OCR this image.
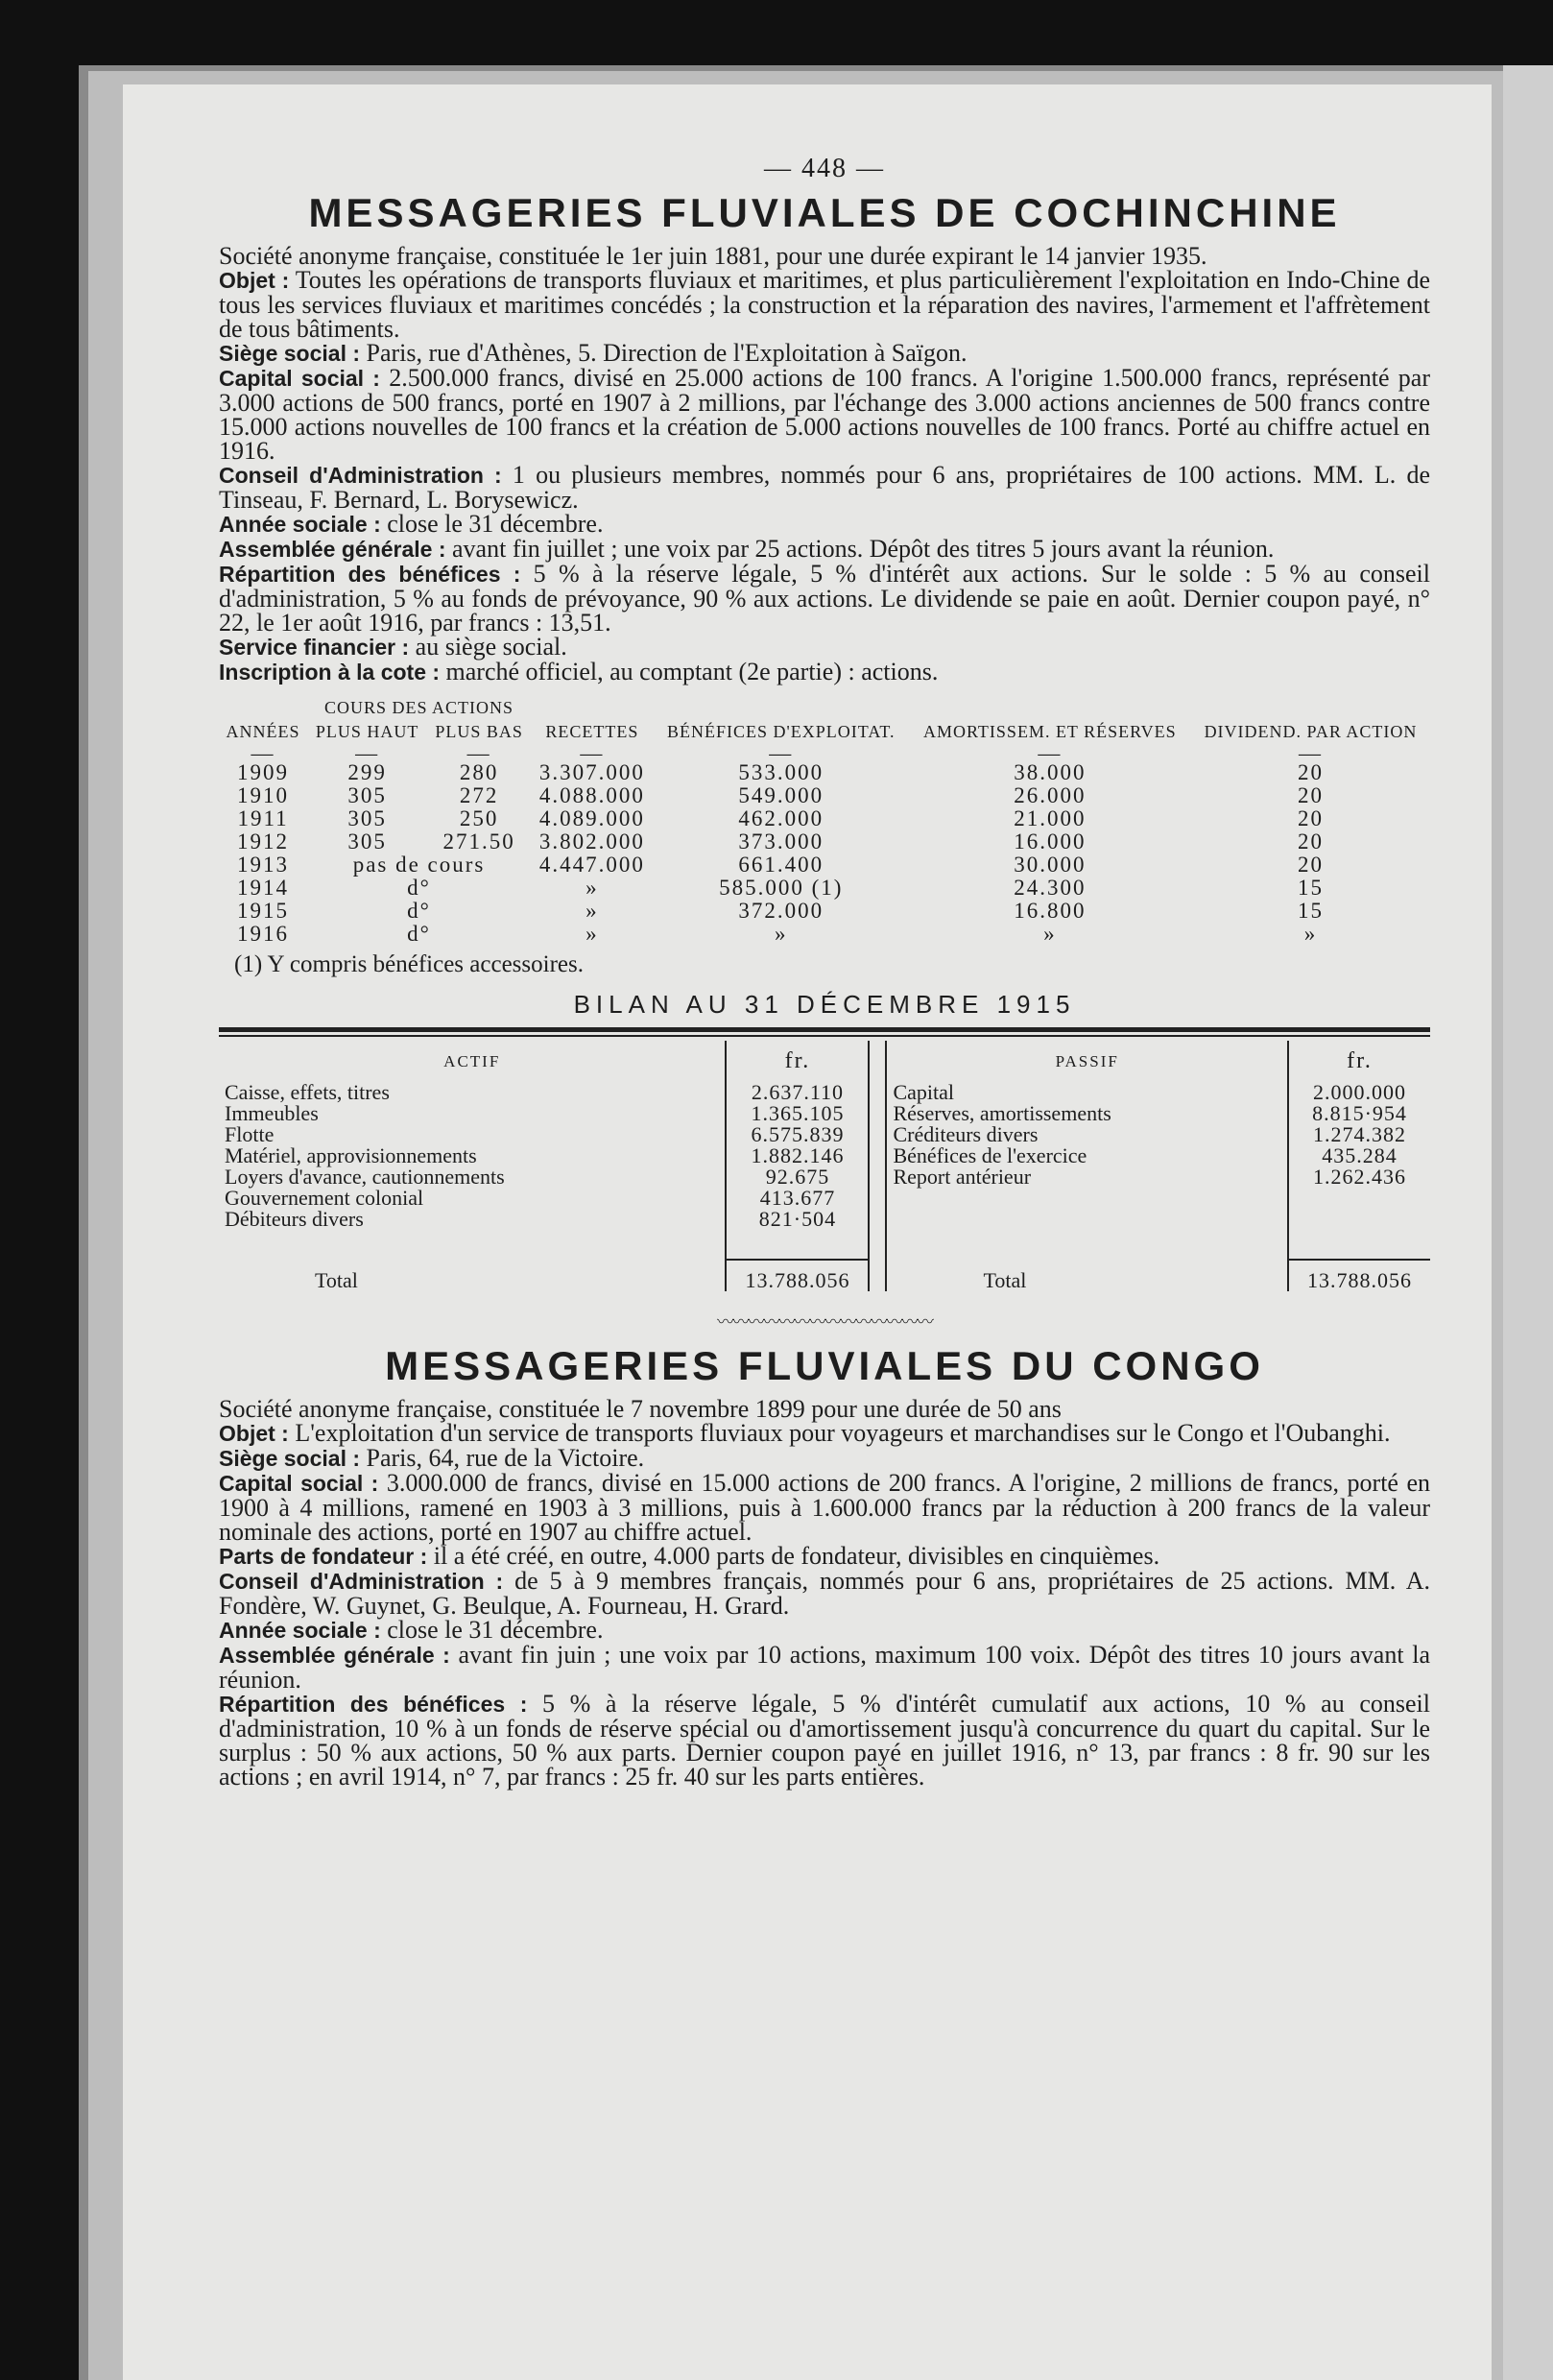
— 448 —
MESSAGERIES FLUVIALES DE COCHINCHINE

Société anonyme française, constituée le 1er juin 1881, pour une durée expirant le 14 janvier 1935.

Objet : Toutes les opérations de transports fluviaux et maritimes, et plus particulièrement l'exploitation en Indo-Chine de tous les services fluviaux et maritimes concédés ; la construction et la réparation des navires, l'armement et l'affrètement de tous bâtiments.

Siège social : Paris, rue d'Athènes, 5. Direction de l'Exploitation à Saïgon.

Capital social : 2.500.000 francs, divisé en 25.000 actions de 100 francs. A l'origine 1.500.000 francs, représenté par 3.000 actions de 500 francs, porté en 1907 à 2 millions, par l'échange des 3.000 actions anciennes de 500 francs contre 15.000 actions nouvelles de 100 francs et la création de 5.000 actions nouvelles de 100 francs. Porté au chiffre actuel en 1916.

Conseil d'Administration : 1 ou plusieurs membres, nommés pour 6 ans, propriétaires de 100 actions. MM. L. de Tinseau, F. Bernard, L. Borysewicz.

Année sociale : close le 31 décembre.

Assemblée générale : avant fin juillet ; une voix par 25 actions. Dépôt des titres 5 jours avant la réunion.

Répartition des bénéfices : 5 % à la réserve légale, 5 % d'intérêt aux actions. Sur le solde : 5 % au conseil d'administration, 5 % au fonds de prévoyance, 90 % aux actions. Le dividende se paie en août. Dernier coupon payé, n° 22, le 1er août 1916, par francs : 13,51.

Service financier : au siège social.

Inscription à la cote : marché officiel, au comptant (2e partie) : actions.

	COURS DES ACTIONS					
ANNÉES	PLUS HAUT	PLUS BAS	RECETTES	BÉNÉFICES D'EXPLOITAT.	AMORTISSEM. ET RÉSERVES	DIVIDEND. PAR ACTION
—	—	—	—	—	—	—
1909	299	280	3.307.000	533.000	38.000	20
1910	305	272	4.088.000	549.000	26.000	20
1911	305	250	4.089.000	462.000	21.000	20
1912	305	271.50	3.802.000	373.000	16.000	20
1913	pas de cours		4.447.000	661.400	30.000	20
1914	d°		»	585.000 (1)	24.300	15
1915	d°		»	372.000	16.800	15
1916	d°		»	»	»	»
(1) Y compris bénéfices accessoires.
BILAN AU 31 DÉCEMBRE 1915
ACTIF	fr.		PASSIF	fr.
Caisse, effets, titres	2.637.110		Capital	2.000.000
Immeubles	1.365.105		Réserves, amortissements	8.815·954
Flotte	6.575.839		Créditeurs divers	1.274.382
Matériel, approvisionnements	1.882.146		Bénéfices de l'exercice	435.284
Loyers d'avance, cautionnements	92.675		Report antérieur	1.262.436
Gouvernement colonial	413.677			
Débiteurs divers	821·504			

Total	13.788.056		Total	13.788.056
〰〰〰〰〰〰〰〰〰〰〰〰〰〰
MESSAGERIES FLUVIALES DU CONGO

Société anonyme française, constituée le 7 novembre 1899 pour une durée de 50 ans

Objet : L'exploitation d'un service de transports fluviaux pour voyageurs et marchandises sur le Congo et l'Oubanghi.

Siège social : Paris, 64, rue de la Victoire.

Capital social : 3.000.000 de francs, divisé en 15.000 actions de 200 francs. A l'origine, 2 millions de francs, porté en 1900 à 4 millions, ramené en 1903 à 3 millions, puis à 1.600.000 francs par la réduction à 200 francs de la valeur nominale des actions, porté en 1907 au chiffre actuel.

Parts de fondateur : il a été créé, en outre, 4.000 parts de fondateur, divisibles en cinquièmes.

Conseil d'Administration : de 5 à 9 membres français, nommés pour 6 ans, propriétaires de 25 actions. MM. A. Fondère, W. Guynet, G. Beulque, A. Fourneau, H. Grard.

Année sociale : close le 31 décembre.

Assemblée générale : avant fin juin ; une voix par 10 actions, maximum 100 voix. Dépôt des titres 10 jours avant la réunion.

Répartition des bénéfices : 5 % à la réserve légale, 5 % d'intérêt cumulatif aux actions, 10 % au conseil d'administration, 10 % à un fonds de réserve spécial ou d'amortissement jusqu'à concurrence du quart du capital. Sur le surplus : 50 % aux actions, 50 % aux parts. Dernier coupon payé en juillet 1916, n° 13, par francs : 8 fr. 90 sur les actions ; en avril 1914, n° 7, par francs : 25 fr. 40 sur les parts entières.
